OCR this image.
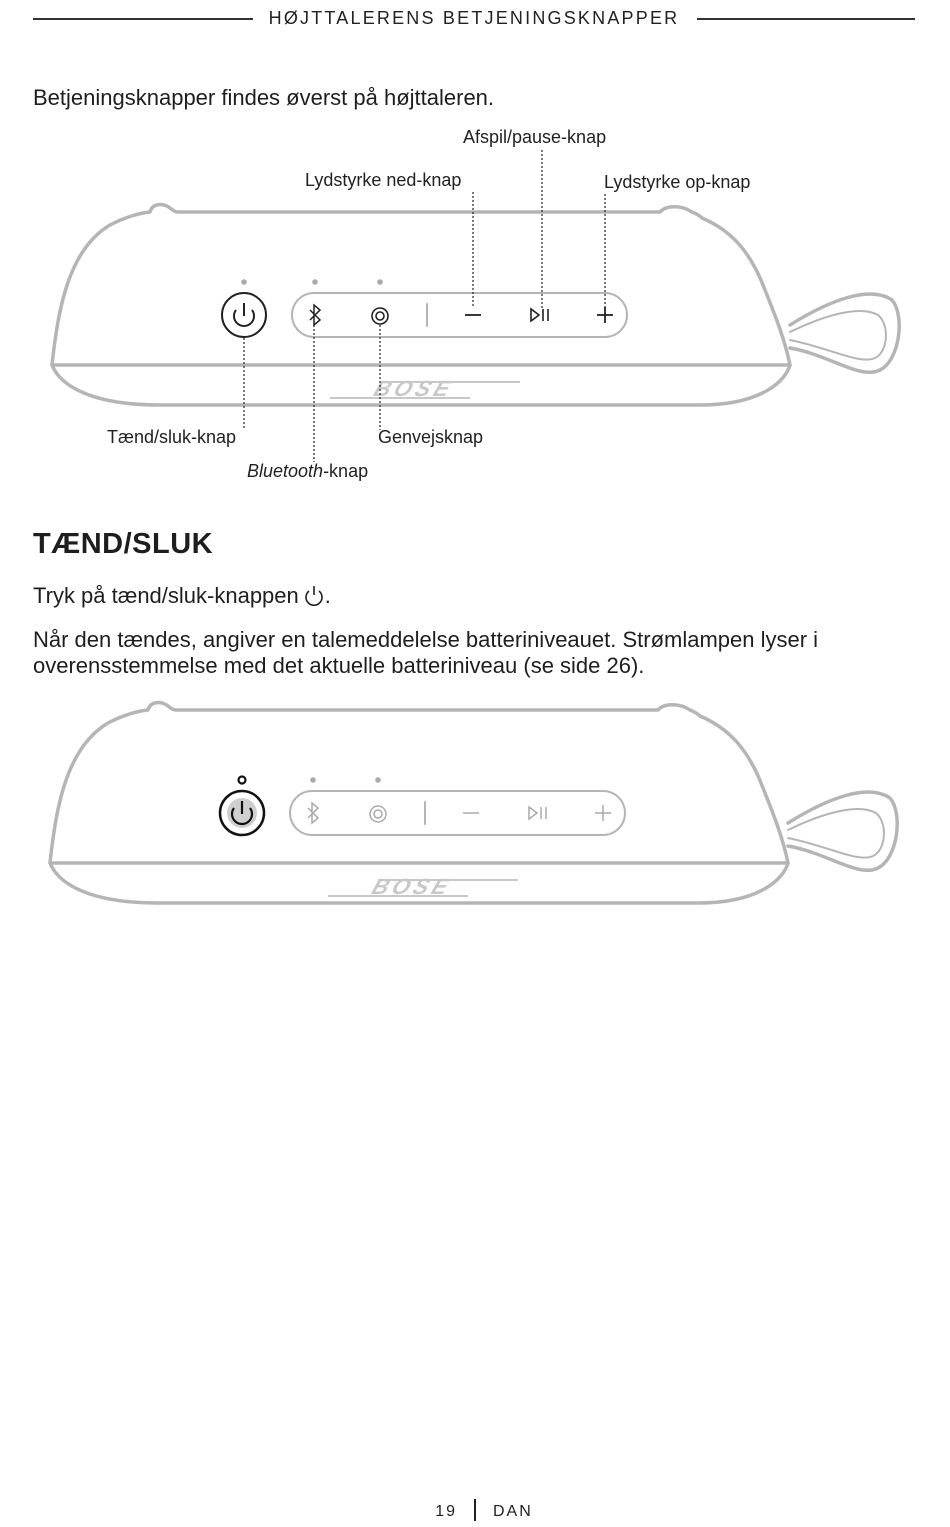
HØJTTALERENS BETJENINGSKNAPPER
Betjeningsknapper findes øverst på højttaleren.
BOSE
Afspil/pause-knap
Lydstyrke ned-knap	Lydstyrke op-knap
Tænd/sluk-knap	Genvejsknap
Bluetooth-knap
TÆND/SLUK
Tryk på tænd/sluk-knappen .
Når den tændes, angiver en talemeddelelse batteriniveauet. Strømlampen lyser i overensstemmelse med det aktuelle batteriniveau (se side 26).
BOSE
19 DAN
